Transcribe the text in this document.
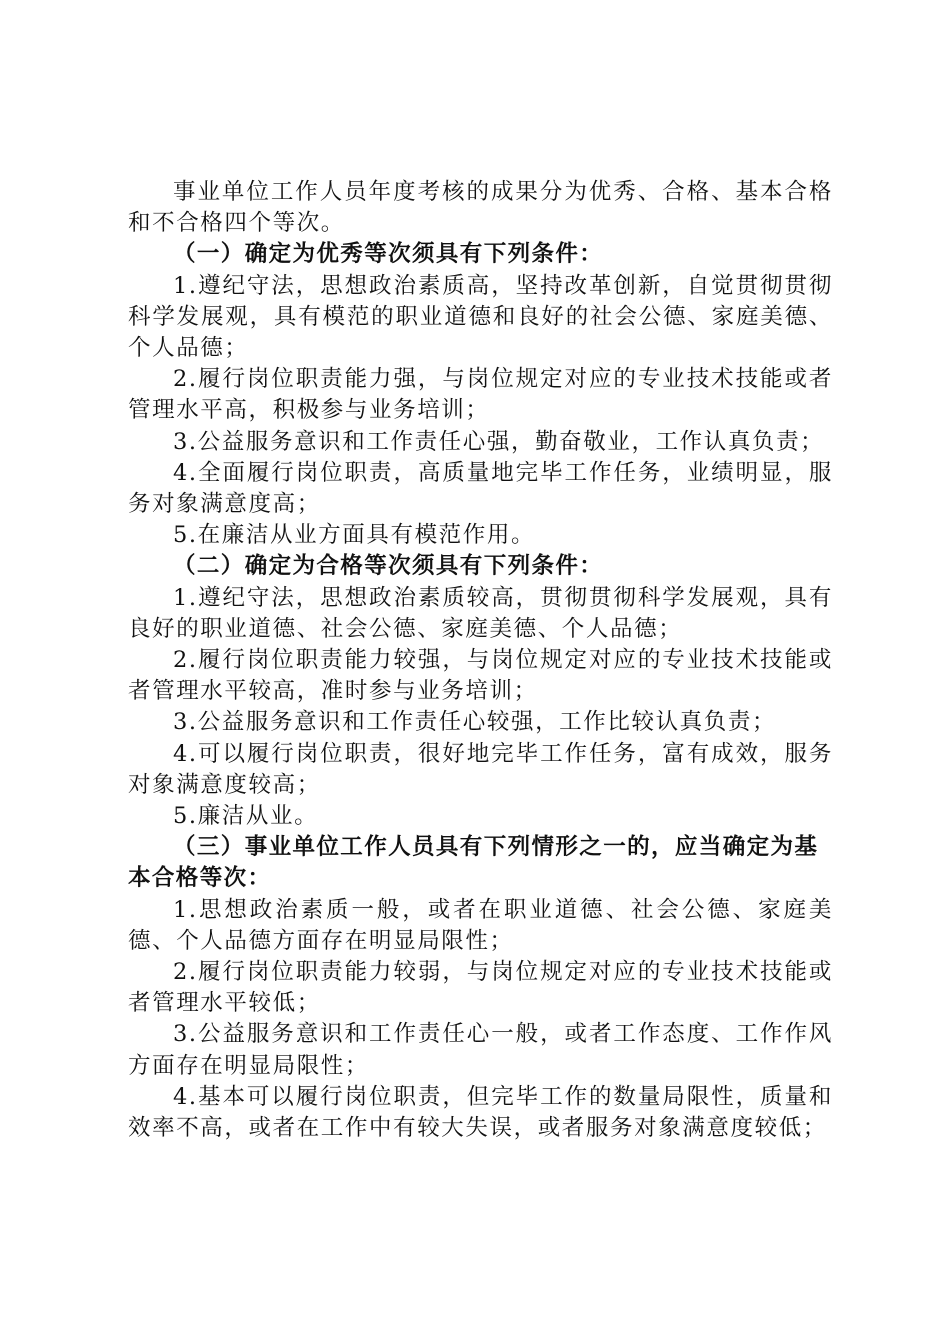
事业单位工作人员年度考核的成果分为优秀、合格、基本合格和不合格四个等次。

（一）确定为优秀等次须具有下列条件：

1.遵纪守法，思想政治素质高，坚持改革创新，自觉贯彻贯彻科学发展观，具有模范的职业道德和良好的社会公德、家庭美德、个人品德；

2.履行岗位职责能力强，与岗位规定对应的专业技术技能或者管理水平高，积极参与业务培训；

3.公益服务意识和工作责任心强，勤奋敬业，工作认真负责；

4.全面履行岗位职责，高质量地完毕工作任务，业绩明显，服务对象满意度高；

5.在廉洁从业方面具有模范作用。

（二）确定为合格等次须具有下列条件：

1.遵纪守法，思想政治素质较高，贯彻贯彻科学发展观，具有良好的职业道德、社会公德、家庭美德、个人品德；

2.履行岗位职责能力较强，与岗位规定对应的专业技术技能或者管理水平较高，准时参与业务培训；

3.公益服务意识和工作责任心较强，工作比较认真负责；

4.可以履行岗位职责，很好地完毕工作任务，富有成效，服务对象满意度较高；

5.廉洁从业。

（三）事业单位工作人员具有下列情形之一的，应当确定为基本合格等次：

1.思想政治素质一般，或者在职业道德、社会公德、家庭美德、个人品德方面存在明显局限性；

2.履行岗位职责能力较弱，与岗位规定对应的专业技术技能或者管理水平较低；

3.公益服务意识和工作责任心一般，或者工作态度、工作作风方面存在明显局限性；

4.基本可以履行岗位职责，但完毕工作的数量局限性，质量和效率不高，或者在工作中有较大失误，或者服务对象满意度较低；
